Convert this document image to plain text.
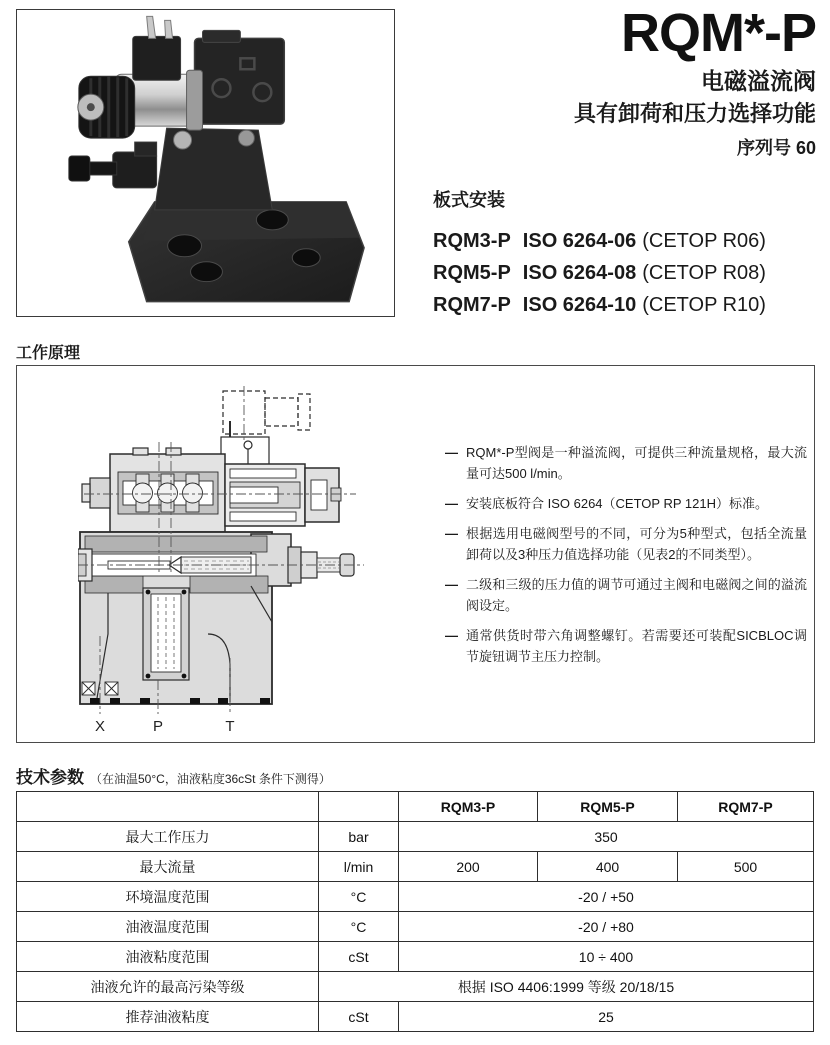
RQM*-P
电磁溢流阀
具有卸荷和压力选择功能
序列号 60
板式安装
RQM3-P ISO 6264-06 (CETOP R06)
RQM5-P ISO 6264-08 (CETOP R08)
RQM7-P ISO 6264-10 (CETOP R10)
工作原理
X	P	T
— RQM*-P型阀是一种溢流阀，可提供三种流量规格，最大流量可达500 l/min。
— 安装底板符合 ISO 6264（CETOP RP 121H）标准。
— 根据选用电磁阀型号的不同，可分为5种型式，包括全流量卸荷以及3种压力值选择功能（见表2的不同类型）。
— 二级和三级的压力值的调节可通过主阀和电磁阀之间的溢流阀设定。
— 通常供货时带六角调整螺钉。若需要还可装配SICBLOC调节旋钮调节主压力控制。
技术参数 （在油温50°C，油液粘度36cSt 条件下测得）
		RQM3-P	RQM5-P	RQM7-P
最大工作压力	bar	350		
最大流量	l/min	200	400	500
环境温度范围	°C	-20 / +50		
油液温度范围	°C	-20 / +80		
油液粘度范围	cSt	10 ÷ 400		
油液允许的最高污染等级	根据 ISO 4406:1999 等级 20/18/15			
推荐油液粘度	cSt	25		
